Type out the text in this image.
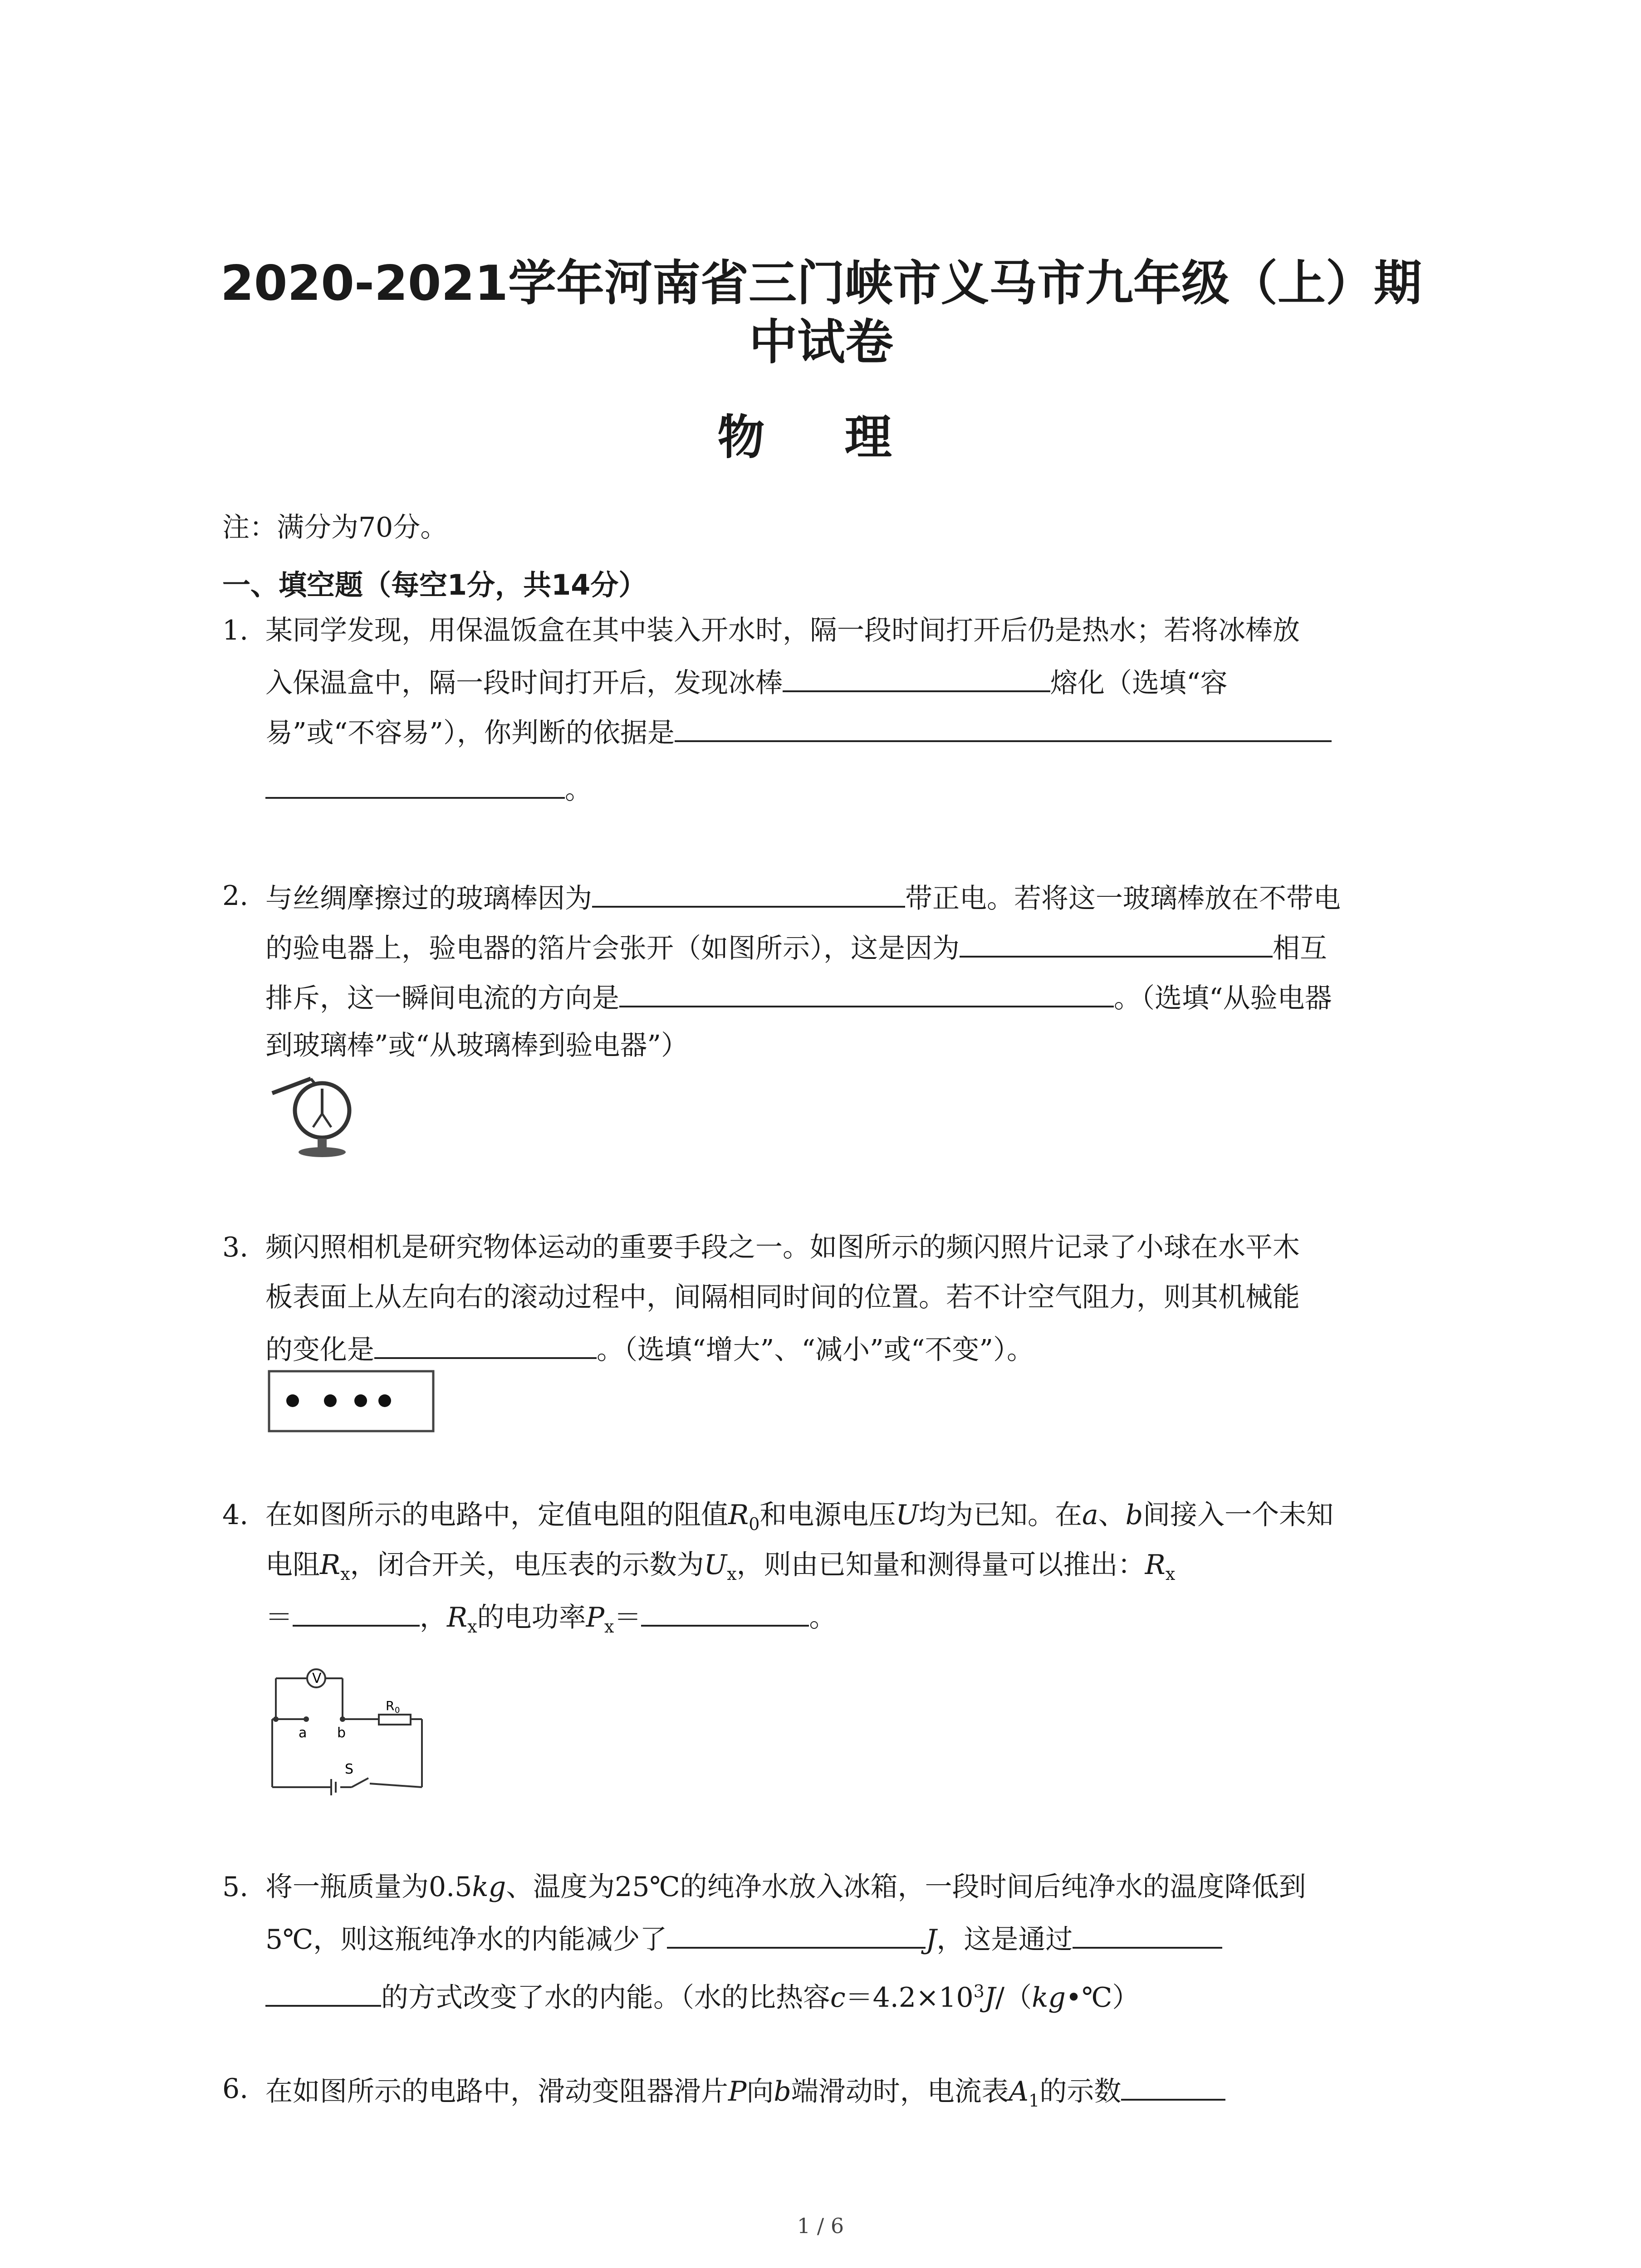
2020-2021学年河南省三门峡市义马市九年级（上）期
中试卷
物 理
注：满分为70分。
一、填空题（每空1分，共14分）
1. 某同学发现，用保温饭盒在其中装入开水时，隔一段时间打开后仍是热水；若将冰棒放
入保温盒中，隔一段时间打开后，发现冰棒	熔化（选填“容
易”或“不容易”），你判断的依据是
。
2. 与丝绸摩擦过的玻璃棒因为	带正电。若将这一玻璃棒放在不带电
的验电器上，验电器的箔片会张开（如图所示），这是因为	相互
排斥，这一瞬间电流的方向是	。（选填“从验电器
到玻璃棒”或“从玻璃棒到验电器”）
3. 频闪照相机是研究物体运动的重要手段之一。如图所示的频闪照片记录了小球在水平木
板表面上从左向右的滚动过程中，间隔相同时间的位置。若不计空气阻力，则其机械能
的变化是	。（选填“增大”、“减小”或“不变”）。
4. 在如图所示的电路中，定值电阻的阻值$R_0$和电源电压U均为已知。在a、b间接入一个未知
电阻$R_x$，闭合开关，电压表的示数为$U_x$，则由已知量和测得量可以推出：$R_x$
＝	，$R_x$的电功率$P_x=$	。
V
R 0
a b
S
5. 将一瓶质量为0.5kg、温度为25℃的纯净水放入冰箱，一段时间后纯净水的温度降低到
5℃，则这瓶纯净水的内能减少了	J，这是通过
的方式改变了水的内能。（水的比热容$c=4.2\times 10^3J/(kg•℃)$
6. 在如图所示的电路中，滑动变阻器滑片P向b端滑动时，电流表$A_1$的示数
1 / 6
